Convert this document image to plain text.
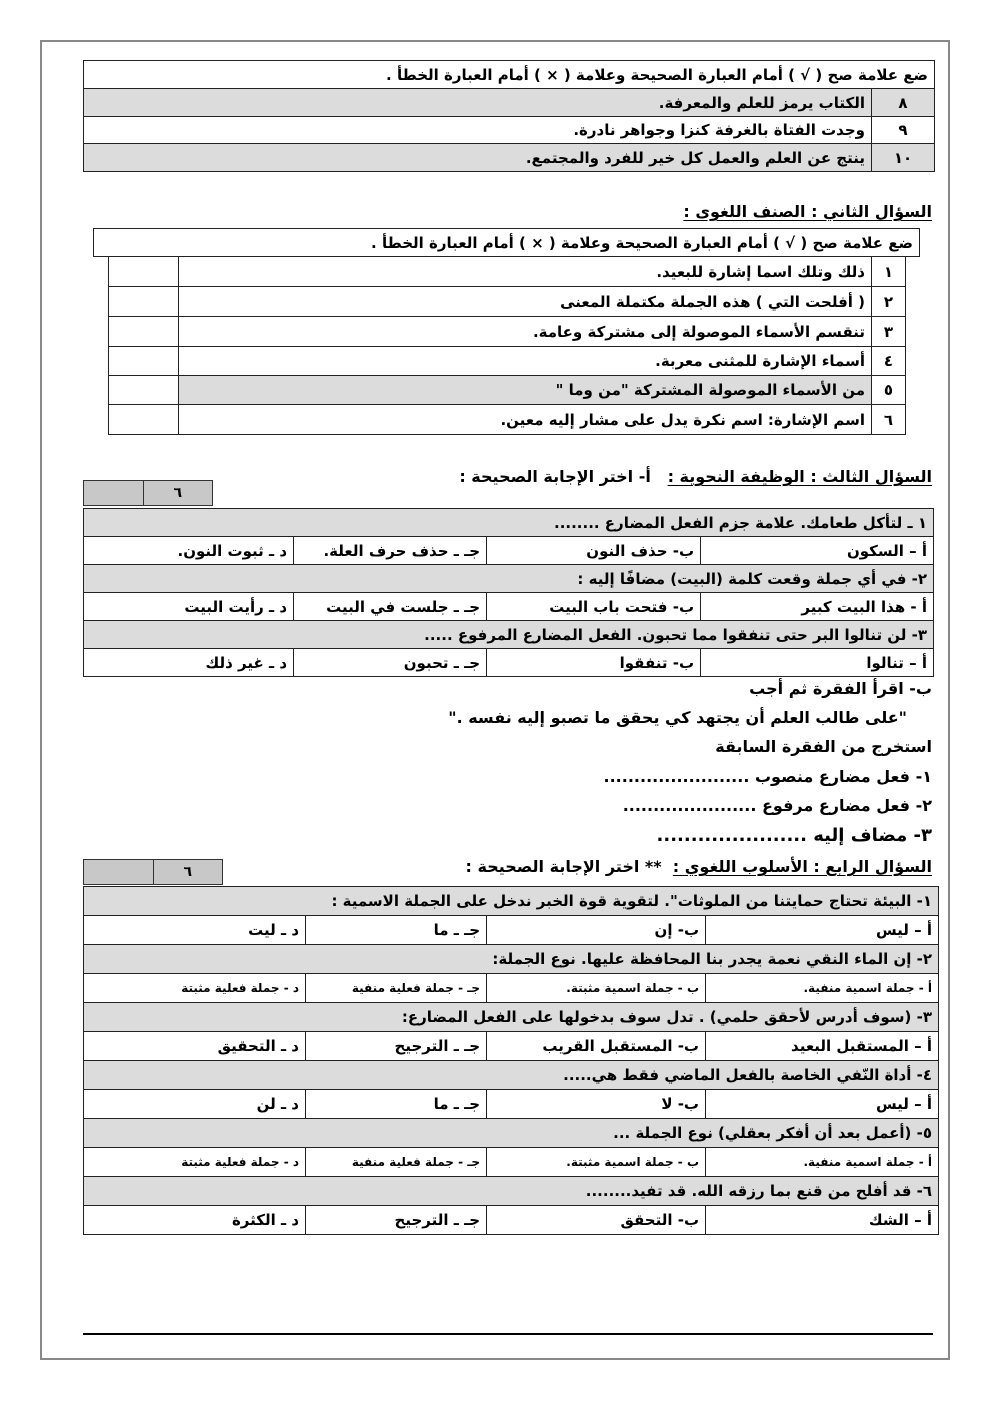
ضع علامة صح ( √ ) أمام العبارة الصحيحة وعلامة ( × ) أمام العبارة الخطأ .	
٨	الكتاب يرمز للعلم والمعرفة.
٩	وجدت الفتاة بالغرفة كنزا وجواهر نادرة.
١٠	ينتج عن العلم والعمل كل خير للفرد والمجتمع.
السؤال الثاني : الصنف اللغوى :
ضع علامة صح ( √ ) أمام العبارة الصحيحة وعلامة ( × ) أمام العبارة الخطأ .
١	ذلك وتلك اسما إشارة للبعيد.	
٢	( أفلحت التي ) هذه الجملة مكتملة المعنى	
٣	تنقسم الأسماء الموصولة إلى مشتركة وعامة.	
٤	أسماء الإشارة للمثنى معربة.	
٥	من الأسماء الموصولة المشتركة "من وما "	
٦	اسم الإشارة: اسم نكرة يدل على مشار إليه معين.	
السؤال الثالث : الوظيفة النحوية :   أ- اختر الإجابة الصحيحة :
٦
١ ـ لتأكل طعامك. علامة جزم الفعل المضارع ........			
أ – السكون	ب- حذف النون	جـ ـ حذف حرف العلة.	د ـ ثبوت النون.
٢- في أي جملة وقعت كلمة (البيت) مضافًا إليه :			
أ - هذا البيت كبير	ب- فتحت باب البيت	جـ ـ جلست في البيت	د ـ رأيت البيت
٣- لن تنالوا البر حتى تنفقوا مما تحبون. الفعل المضارع المرفوع .....			
أ – تنالوا	ب- تنفقوا	جـ ـ تحبون	د ـ غير ذلك
ب- اقرأ الفقرة ثم أجب
"على طالب العلم أن يجتهد كي يحقق ما تصبو إليه نفسه ."
استخرج من الفقرة السابقة
١- فعل مضارع منصوب ........................
٢- فعل مضارع مرفوع ......................
٣- مضاف إليه ......................
السؤال الرابع : الأسلوب اللغوي :  ** اختر الإجابة الصحيحة :
٦
١- البيئة تحتاج حمايتنا من الملوثات". لتقوية قوة الخبر ندخل على الجملة الاسمية :			
أ – ليس	ب- إن	جـ ـ ما	د ـ ليت
٢- إن الماء النقي نعمة يجدر بنا المحافظة عليها. نوع الجملة:			
أ - جملة اسمية منفية.	ب - جملة اسمية مثبتة.	جـ - جملة فعلية منفية	د - جملة فعلية مثبتة
٣- (سوف أدرس لأحقق حلمي) . تدل سوف بدخولها على الفعل المضارع:			
أ – المستقبل البعيد	ب- المستقبل القريب	جـ ـ الترجيح	د ـ التحقيق
٤- أداة النّفي الخاصة بالفعل الماضي فقط هي.....			
أ – ليس	ب- لا	جـ ـ ما	د ـ لن
٥- (أعمل بعد أن أفكر بعقلي) نوع الجملة ...			
أ - جملة اسمية منفية.	ب - جملة اسمية مثبتة.	جـ - جملة فعلية منفية	د - جملة فعلية مثبتة
٦- قد أفلح من قنع بما رزقه الله. قد تفيد........			
أ – الشك	ب- التحقق	جـ ـ الترجيح	د ـ الكثرة
